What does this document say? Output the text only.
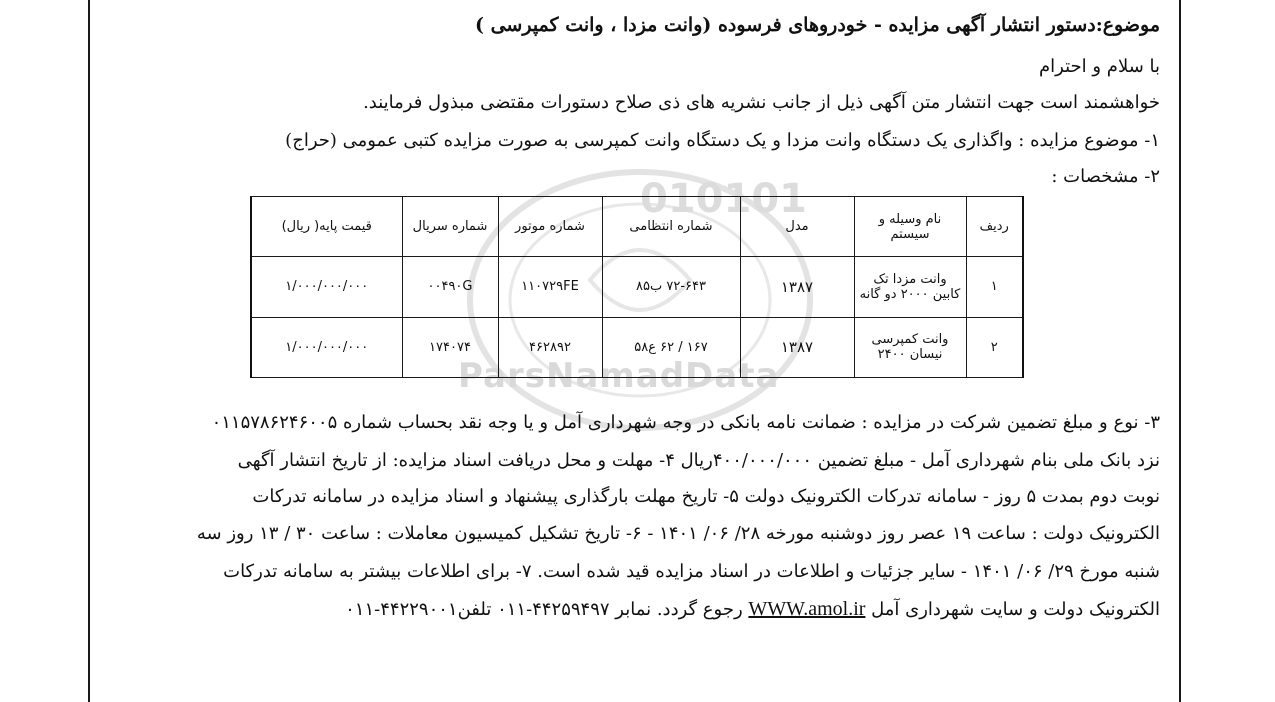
010101
ParsNamadData
موضوع:دستور انتشار آگهی مزایده - خودروهای فرسوده (وانت مزدا ، وانت کمپرسی )
با سلام و احترام
خواهشمند است جهت انتشار متن آگهی ذیل از جانب نشریه های ذی صلاح دستورات مقتضی مبذول فرمایند.
۱- موضوع مزایده : واگذاری یک دستگاه وانت مزدا و یک دستگاه وانت کمپرسی به صورت مزایده کتبی عمومی (حراج)
۲- مشخصات :
۳- نوع و مبلغ تضمین شرکت در مزایده : ضمانت نامه بانکی در وجه شهرداری آمل و یا وجه نقد بحساب شماره ۰۱۱۵۷۸۶۲۴۶۰۰۵
نزد بانک ملی بنام شهرداری آمل - مبلغ تضمین ۴۰۰/۰۰۰/۰۰۰ریال ۴- مهلت و محل دریافت اسناد مزایده: از تاریخ انتشار آگهی
نوبت دوم بمدت ۵ روز - سامانه تدرکات الکترونیک دولت ۵- تاریخ مهلت بارگذاری پیشنهاد و اسناد مزایده در سامانه تدرکات
الکترونیک دولت : ساعت ۱۹ عصر روز دوشنبه مورخه ۲۸/ ۰۶/ ۱۴۰۱ - ۶- تاریخ تشکیل کمیسیون معاملات : ساعت ۳۰ / ۱۳ روز سه
شنبه مورخ ۲۹/ ۰۶/ ۱۴۰۱ - سایر جزئیات و اطلاعات در اسناد مزایده قید شده است. ۷- برای اطلاعات بیشتر به سامانه تدرکات
الکترونیک دولت و سایت شهرداری آمل WWW.amol.ir رجوع گردد. نمابر ۴۴۲۵۹۴۹۷-۰۱۱ تلفن۴۴۲۲۹۰۰۱-۰۱۱
ردیف	نام وسیله و سیستم	مدل	شماره انتظامی	شماره موتور	شماره سریال	قیمت پایه( ریال)
۱	وانت مزدا تک کابین ۲۰۰۰ دو گانه	۱۳۸۷	۷۲-۶۴۳ ب۸۵	۱۱۰۷۲۹FE	۰۰۴۹۰G	۱/۰۰۰/۰۰۰/۰۰۰
۲	وانت کمپرسی نیسان ۲۴۰۰	۱۳۸۷	۱۶۷ / ۶۲ ع۵۸	۴۶۲۸۹۲	۱۷۴۰۷۴	۱/۰۰۰/۰۰۰/۰۰۰
